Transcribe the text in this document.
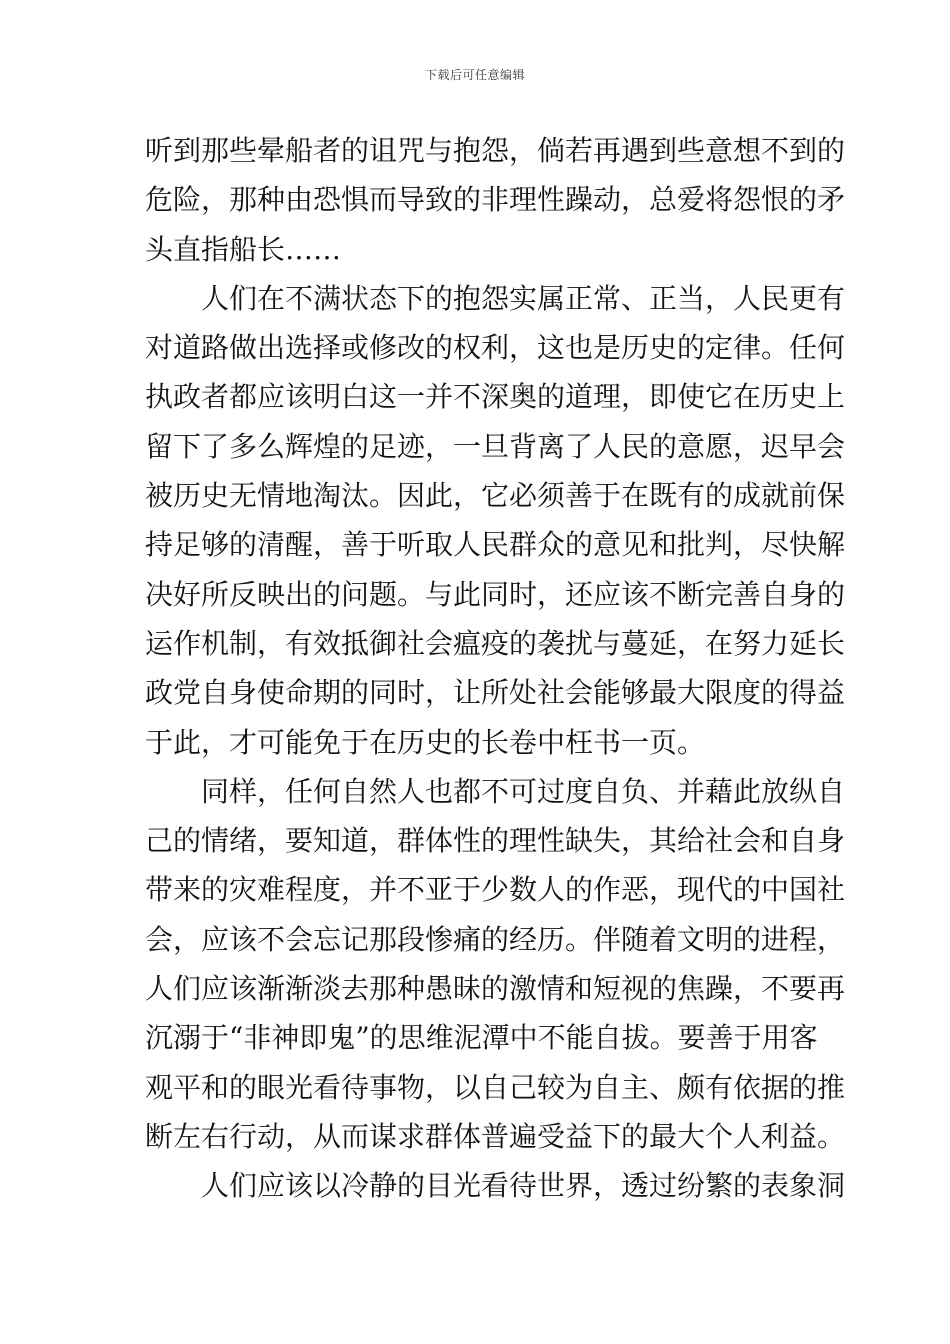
下载后可任意编辑
听到那些晕船者的诅咒与抱怨，倘若再遇到些意想不到的
危险，那种由恐惧而导致的非理性躁动，总爱将怨恨的矛
头直指船长……
　　人们在不满状态下的抱怨实属正常、正当，人民更有
对道路做出选择或修改的权利，这也是历史的定律。任何
执政者都应该明白这一并不深奥的道理，即使它在历史上
留下了多么辉煌的足迹，一旦背离了人民的意愿，迟早会
被历史无情地淘汰。因此，它必须善于在既有的成就前保
持足够的清醒，善于听取人民群众的意见和批判，尽快解
决好所反映出的问题。与此同时，还应该不断完善自身的
运作机制，有效抵御社会瘟疫的袭扰与蔓延，在努力延长
政党自身使命期的同时，让所处社会能够最大限度的得益
于此，才可能免于在历史的长卷中枉书一页。
　　同样，任何自然人也都不可过度自负、并藉此放纵自
己的情绪，要知道，群体性的理性缺失，其给社会和自身
带来的灾难程度，并不亚于少数人的作恶，现代的中国社
会，应该不会忘记那段惨痛的经历。伴随着文明的进程，
人们应该渐渐淡去那种愚昧的激情和短视的焦躁，不要再
沉溺于“非神即鬼”的思维泥潭中不能自拔。要善于用客
观平和的眼光看待事物，以自己较为自主、颇有依据的推
断左右行动，从而谋求群体普遍受益下的最大个人利益。
　　人们应该以冷静的目光看待世界，透过纷繁的表象洞
